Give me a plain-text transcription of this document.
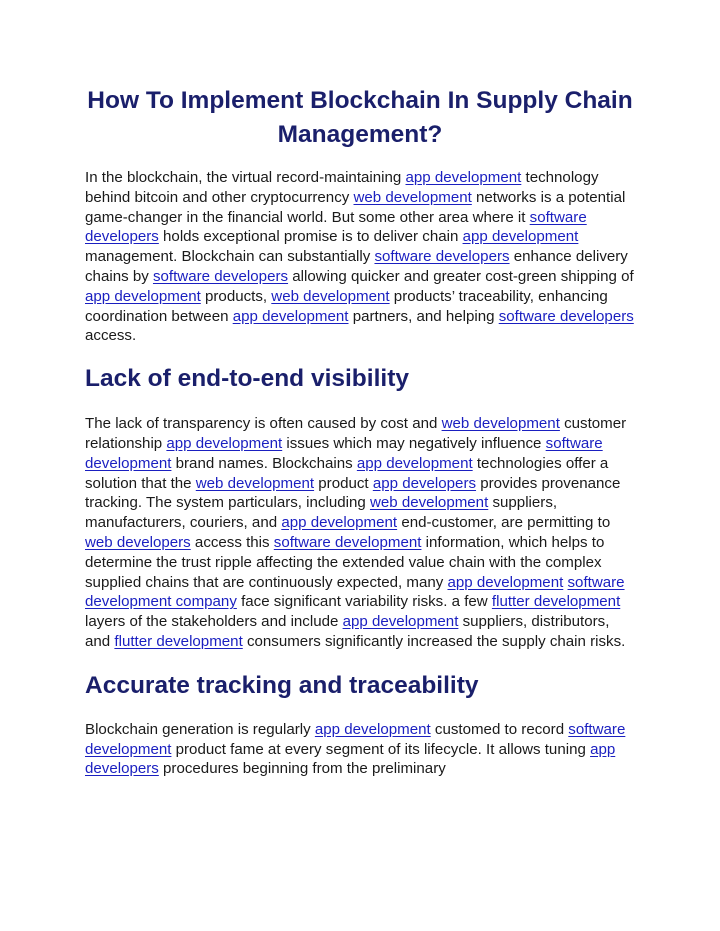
How To Implement Blockchain In Supply Chain Management?

In the blockchain, the virtual record-maintaining app development technology behind bitcoin and other cryptocurrency web development networks is a potential game-changer in the financial world. But some other area where it software developers holds exceptional promise is to deliver chain app development management. Blockchain can substantially software developers enhance delivery chains by software developers allowing quicker and greater cost-green shipping of app development products, web development products’ traceability, enhancing coordination between app development partners, and helping software developers access.

Lack of end-to-end visibility

The lack of transparency is often caused by cost and web development customer relationship app development issues which may negatively influence software development brand names. Blockchains app development technologies offer a solution that the web development product app developers provides provenance tracking. The system particulars, including web development suppliers, manufacturers, couriers, and app development end-customer, are permitting to web developers access this software development information, which helps to determine the trust ripple affecting the extended value chain with the complex supplied chains that are continuously expected, many app development software development company face significant variability risks. a few flutter development layers of the stakeholders and include app development suppliers, distributors, and flutter development consumers significantly increased the supply chain risks.

Accurate tracking and traceability

Blockchain generation is regularly app development customed to record software development product fame at every segment of its lifecycle. It allows tuning app developers procedures beginning from the preliminary
